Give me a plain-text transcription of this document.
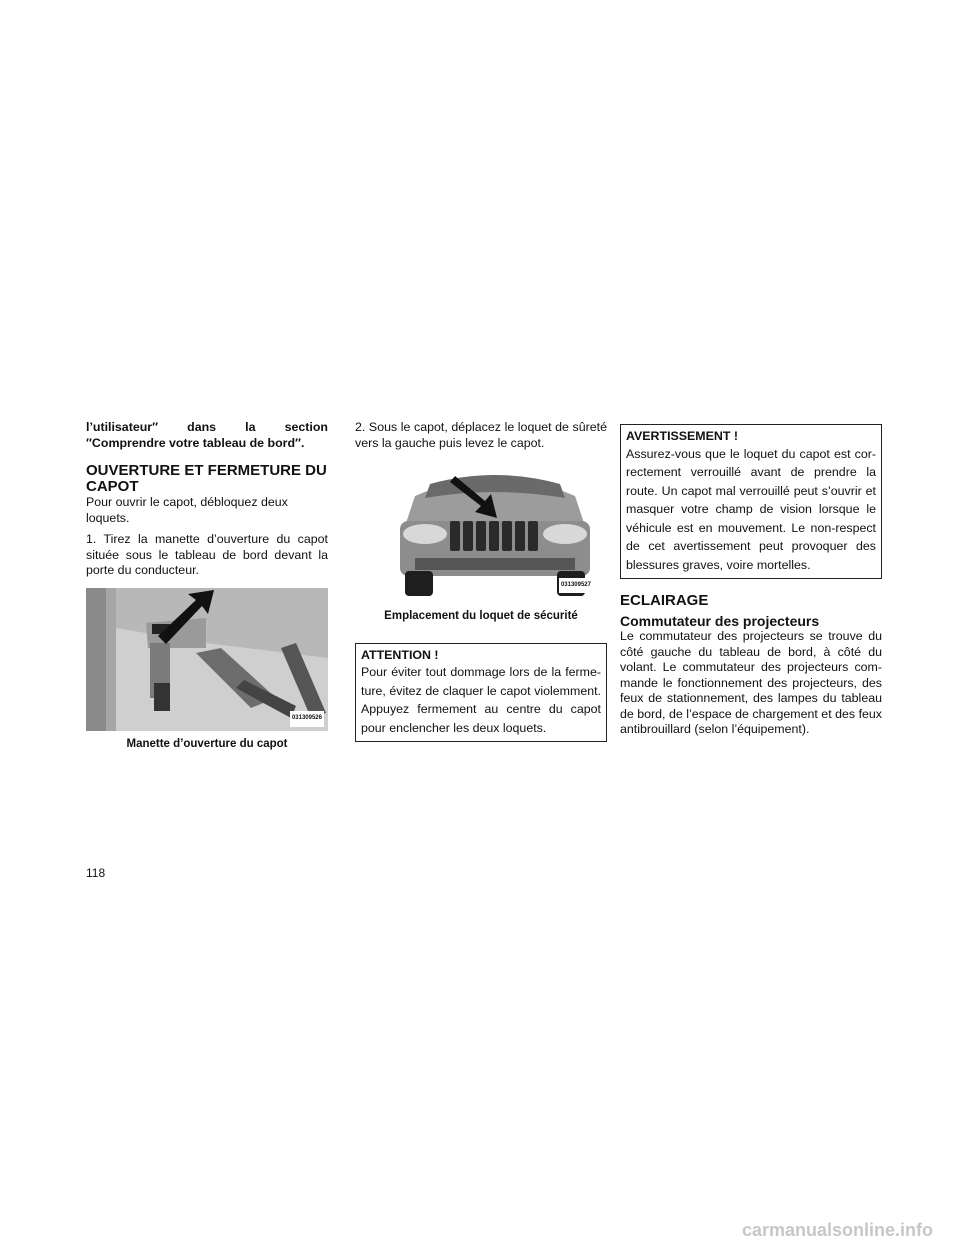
l’utilisateur″ dans la section ″Comprendre votre tableau de bord″.

OUVERTURE ET FERMETURE DU CAPOT

Pour ouvrir le capot, débloquez deux loquets.

1. Tirez la manette d’ouverture du capot située sous le tableau de bord devant la porte du conducteur.

031309526
Manette d’ouverture du capot

2. Sous le capot, déplacez le loquet de sûreté vers la gauche puis levez le capot.

031309527
Emplacement du loquet de sécurité
ATTENTION !

Pour éviter tout dommage lors de la ferme-ture, évitez de claquer le capot violemment. Appuyez fermement au centre du capot pour enclencher les deux loquets.

AVERTISSEMENT !

Assurez-vous que le loquet du capot est cor-rectement verrouillé avant de prendre la route. Un capot mal verrouillé peut s’ouvrir et masquer votre champ de vision lorsque le véhicule est en mouvement. Le non-respect de cet avertissement peut provoquer des blessures graves, voire mortelles.

ECLAIRAGE
Commutateur des projecteurs

Le commutateur des projecteurs se trouve du côté gauche du tableau de bord, à côté du volant. Le commutateur des projecteurs com-mande le fonctionnement des projecteurs, des feux de stationnement, des lampes du tableau de bord, de l’espace de chargement et des feux antibrouillard (selon l’équipement).

118
carmanualsonline.info
